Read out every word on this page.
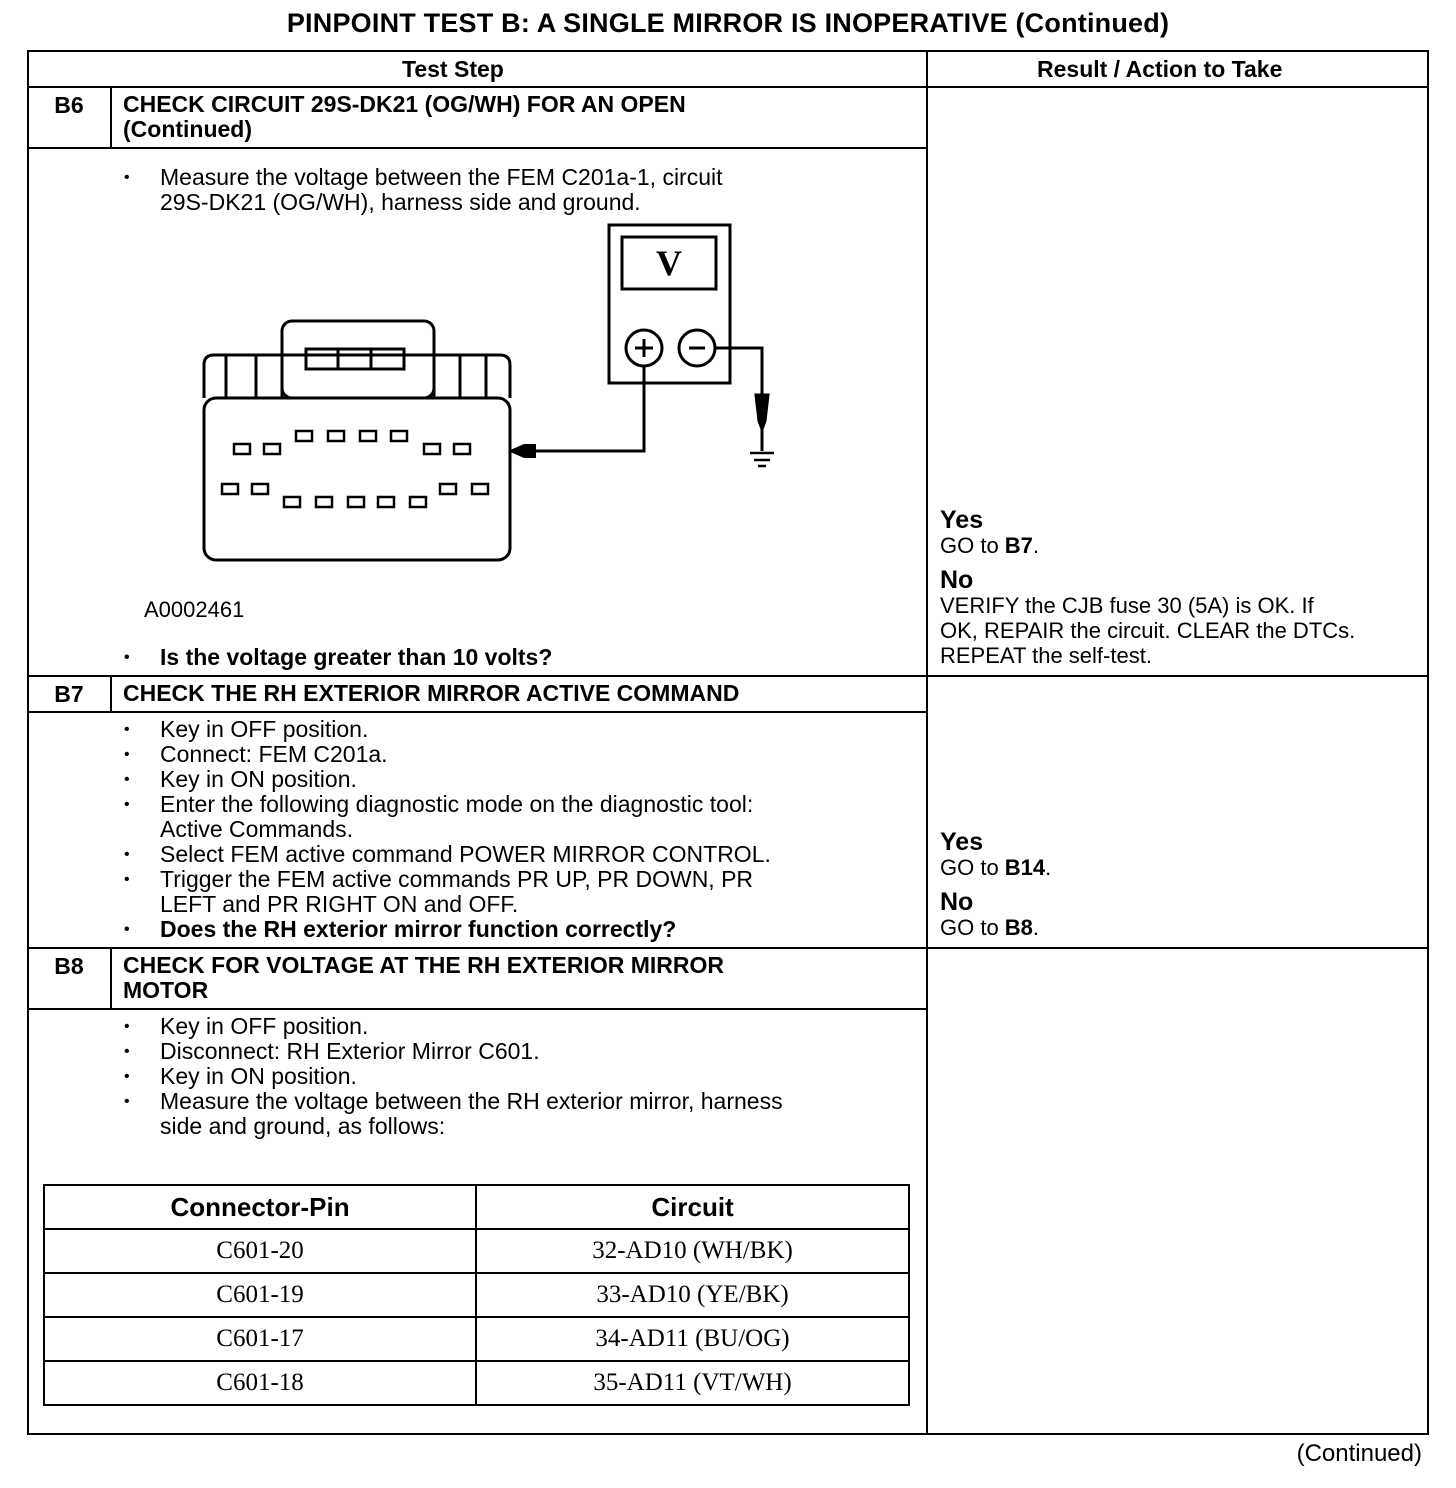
PINPOINT TEST B: A SINGLE MIRROR IS INOPERATIVE (Continued)
Test Step	Result / Action to Take
B6	CHECK CIRCUIT 29S-DK21 (OG/WH) FOR AN OPEN
(Continued)
• Measure the voltage between the FEM C201a-1, circuit
29S-DK21 (OG/WH), harness side and ground.
V
A0002461
• Is the voltage greater than 10 volts?
Yes
GO to B7.
No
VERIFY the CJB fuse 30 (5A) is OK. If
OK, REPAIR the circuit. CLEAR the DTCs.
REPEAT the self-test.
B7	CHECK THE RH EXTERIOR MIRROR ACTIVE COMMAND
• Key in OFF position.
• Connect: FEM C201a.
• Key in ON position.
• Enter the following diagnostic mode on the diagnostic tool:
Active Commands.
• Select FEM active command POWER MIRROR CONTROL.
• Trigger the FEM active commands PR UP, PR DOWN, PR
LEFT and PR RIGHT ON and OFF.
• Does the RH exterior mirror function correctly?
Yes
GO to B14.
No
GO to B8.
B8	CHECK FOR VOLTAGE AT THE RH EXTERIOR MIRROR
MOTOR
• Key in OFF position.
• Disconnect: RH Exterior Mirror C601.
• Key in ON position.
• Measure the voltage between the RH exterior mirror, harness
side and ground, as follows:
Connector-Pin	Circuit
C601-20	32-AD10 (WH/BK)
C601-19	33-AD10 (YE/BK)
C601-17	34-AD11 (BU/OG)
C601-18	35-AD11 (VT/WH)
(Continued)
